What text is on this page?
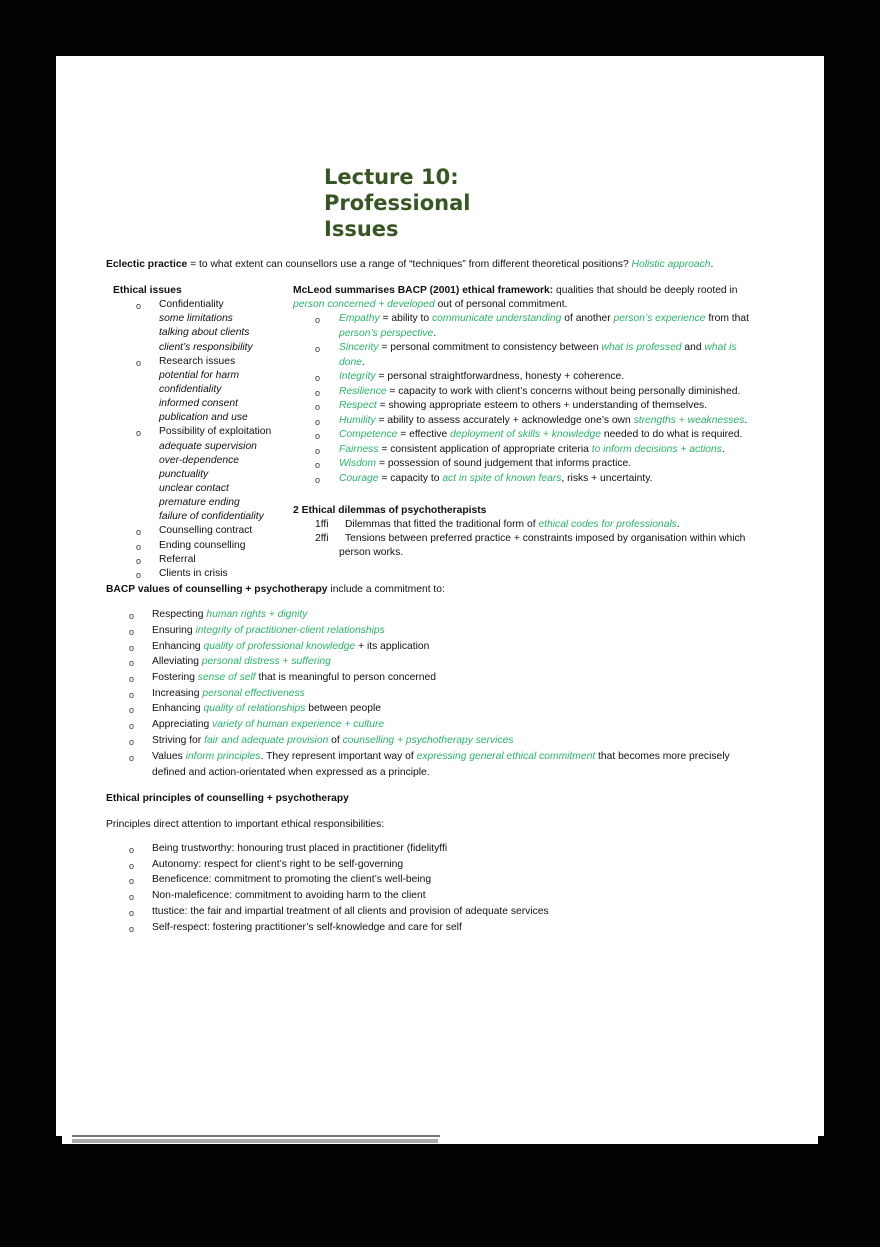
Lecture 10:
Professional
Issues
Eclectic practice = to what extent can counsellors use a range of “techniques” from different theoretical positions? Holistic approach.
Ethical issues
o Confidentiality
some limitations
talking about clients
client’s responsibility
o Research issues
potential for harm
confidentiality
informed consent
publication and use
o Possibility of exploitation
adequate supervision
over-dependence
punctuality
unclear contact
premature ending
failure of confidentiality
o Counselling contract
o Ending counselling
o Referral
o Clients in crisis
McLeod summarises BACP (2001) ethical framework: qualities that should be deeply rooted in
person concerned + developed out of personal commitment.
o Empathy = ability to communicate understanding of another person’s experience from that
person’s perspective.
o Sincerity = personal commitment to consistency between what is professed and what is
done.
o Integrity = personal straightforwardness, honesty + coherence.
o Resilience = capacity to work with client’s concerns without being personally diminished.
o Respect = showing appropriate esteem to others + understanding of themselves.
o Humility = ability to assess accurately + acknowledge one’s own strengths + weaknesses.
o Competence = effective deployment of skills + knowledge needed to do what is required.
o Fairness = consistent application of appropriate criteria to inform decisions + actions.
o Wisdom = possession of sound judgement that informs practice.
o Courage = capacity to act in spite of known fears, risks + uncertainty.
2 Ethical dilemmas of psychotherapists
1ffi Dilemmas that fitted the traditional form of ethical codes for professionals.
2ffi Tensions between preferred practice + constraints imposed by organisation within which
person works.
BACP values of counselling + psychotherapy include a commitment to:
o Respecting human rights + dignity
o Ensuring integrity of practitioner-client relationships
o Enhancing quality of professional knowledge + its application
o Alleviating personal distress + suffering
o Fostering sense of self that is meaningful to person concerned
o Increasing personal effectiveness
o Enhancing quality of relationships between people
o Appreciating variety of human experience + culture
o Striving for fair and adequate provision of counselling + psychotherapy services
o Values inform principles. They represent important way of expressing general ethical commitment that becomes more precisely
defined and action-orientated when expressed as a principle.
Ethical principles of counselling + psychotherapy
Principles direct attention to important ethical responsibilities:
o Being trustworthy: honouring trust placed in practitioner (fidelityffi
o Autonomy: respect for client’s right to be self-governing
o Beneficence: commitment to promoting the client’s well-being
o Non-maleficence: commitment to avoiding harm to the client
o ttustice: the fair and impartial treatment of all clients and provision of adequate services
o Self-respect: fostering practitioner’s self-knowledge and care for self
